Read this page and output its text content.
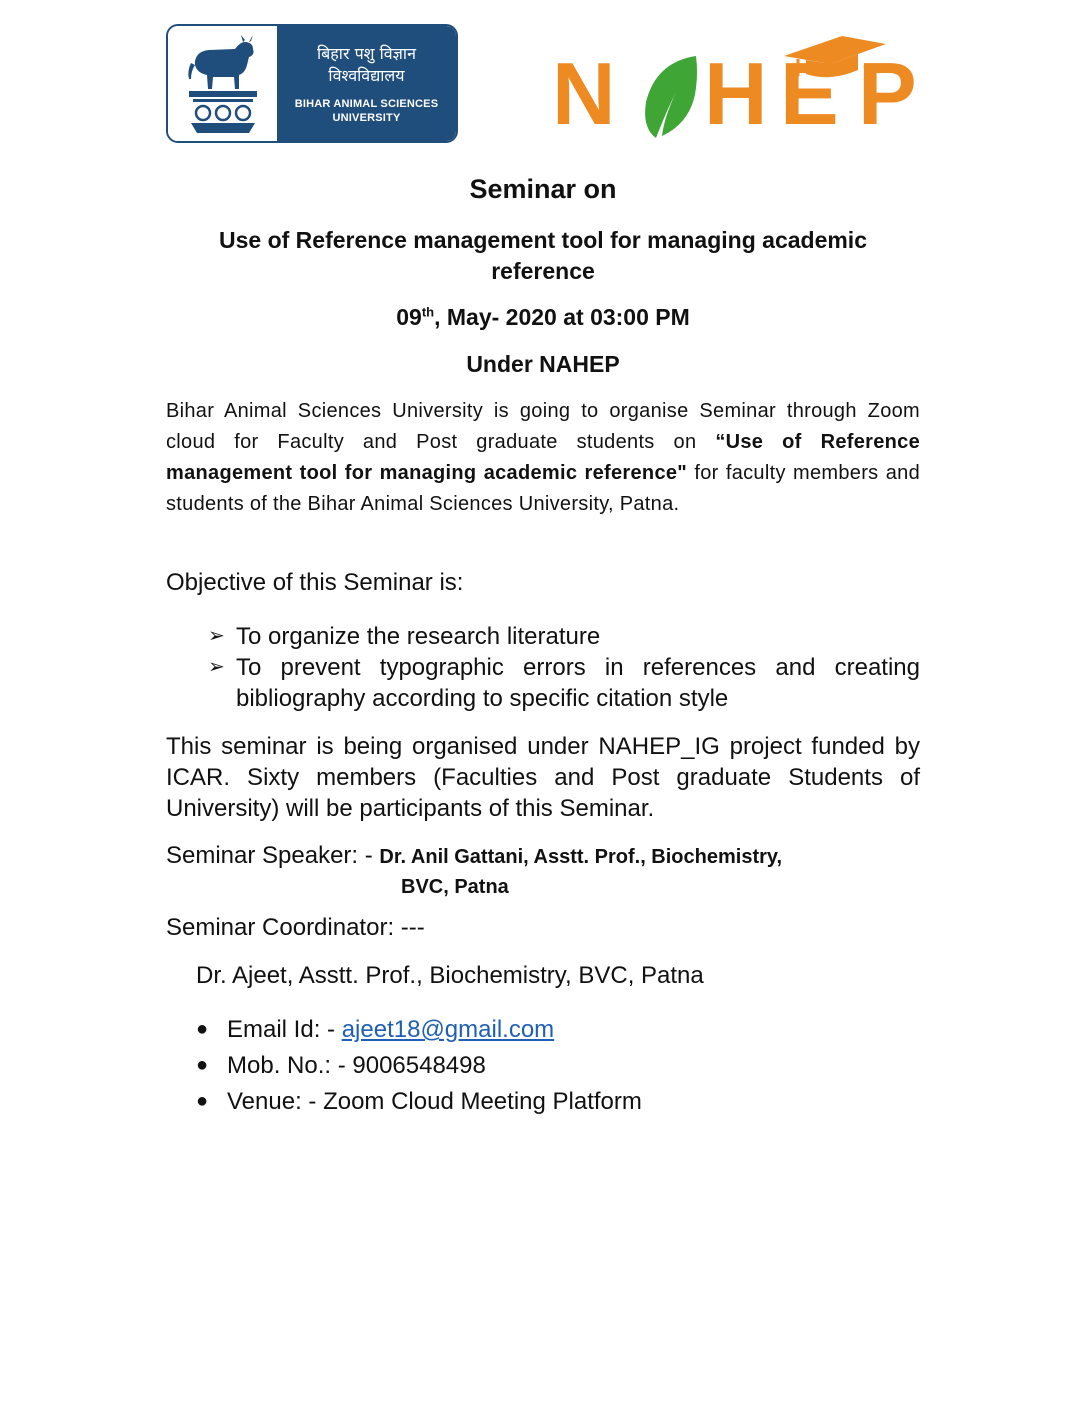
बिहार पशु विज्ञान
विश्वविद्यालय
BIHAR ANIMAL SCIENCES
UNIVERSITY N H E P
Seminar on
Use of Reference management tool for managing academic reference
09th, May- 2020 at 03:00 PM
Under NAHEP
Bihar Animal Sciences University is going to organise Seminar through Zoom cloud for Faculty and Post graduate students on “Use of Reference management tool for managing academic reference" for faculty members and students of the Bihar Animal Sciences University, Patna.
Objective of this Seminar is:
➢ To organize the research literature
➢ To prevent typographic errors in references and creating bibliography according to specific citation style
This seminar is being organised under NAHEP_IG project funded by ICAR. Sixty members (Faculties and Post graduate Students of University) will be participants of this Seminar.
Seminar Speaker: - Dr. Anil Gattani, Asstt. Prof., Biochemistry,
BVC, Patna
Seminar Coordinator: ---
Dr. Ajeet, Asstt. Prof., Biochemistry, BVC, Patna
● Email Id: - ajeet18@gmail.com
● Mob. No.: - 9006548498
● Venue: - Zoom Cloud Meeting Platform
